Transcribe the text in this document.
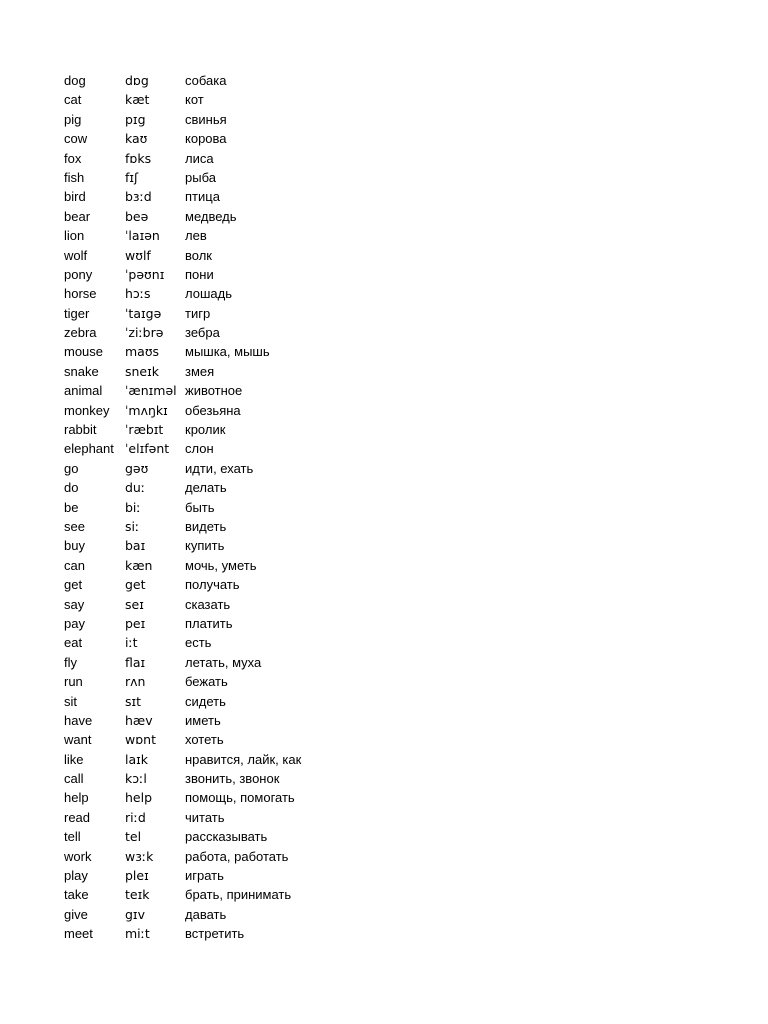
dog	dɒg	собака
cat	kæt	кот
pig	pɪg	свинья
cow	kaʊ	корова
fox	fɒks	лиса
fish	fɪʃ	рыба
bird	bɜːd	птица
bear	beə	медведь
lion	ˈlaɪən	лев
wolf	wʊlf	волк
pony	ˈpəʊnɪ	пони
horse	hɔːs	лошадь
tiger	ˈtaɪgə	тигр
zebra	ˈziːbrə	зебра
mouse	maʊs	мышка, мышь
snake	sneɪk	змея
animal	ˈænɪməl животное
monkey	ˈmʌŋkɪ	обезьяна
rabbit	ˈræbɪt	кролик
elephant ˈelɪfənt	слон
go	gəʊ	идти, ехать
do	duː	делать
be	biː	быть
see	siː	видеть
buy	baɪ	купить
can	kæn	мочь, уметь
get	get	получать
say	seɪ	сказать
pay	peɪ	платить
eat	iːt	есть
fly	flaɪ	летать, муха
run	rʌn	бежать
sit	sɪt	сидеть
have	hæv	иметь
want	wɒnt	хотеть
like	laɪk	нравится, лайк, как
call	kɔːl	звонить, звонок
help	help	помощь, помогать
read	riːd	читать
tell	tel	рассказывать
work	wɜːk	работа, работать
play	pleɪ	играть
take	teɪk	брать, принимать
give	gɪv	давать
meet	miːt	встретить
